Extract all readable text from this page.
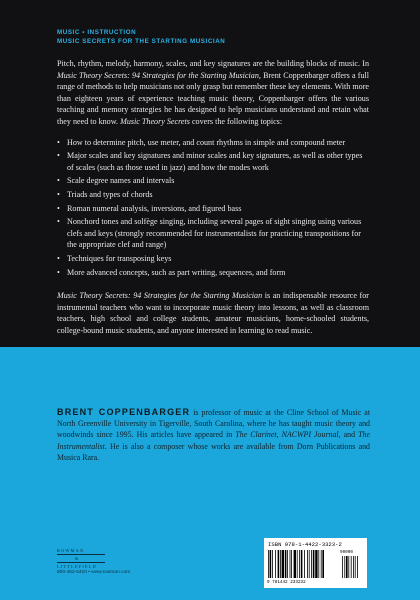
MUSIC • INSTRUCTION
MUSIC SECRETS FOR THE STARTING MUSICIAN

Pitch, rhythm, melody, harmony, scales, and key signatures are the building blocks of music. In Music Theory Secrets: 94 Strategies for the Starting Musician, Brent Coppenbarger offers a full range of methods to help musicians not only grasp but remember these key elements. With more than eighteen years of experience teaching music theory, Coppenbarger offers the various teaching and memory strategies he has designed to help musicians understand and retain what they need to know. Music Theory Secrets covers the following topics:

• How to determine pitch, use meter, and count rhythms in simple and compound meter
• Major scales and key signatures and minor scales and key signatures, as well as other types of scales (such as those used in jazz) and how the modes work
• Scale degree names and intervals
• Triads and types of chords
• Roman numeral analysis, inversions, and figured bass
• Nonchord tones and solfège singing, including several pages of sight singing using various clefs and keys (strongly recommended for instrumentalists for practicing transpositions for the appropriate clef and range)
• Techniques for transposing keys
• More advanced concepts, such as part writing, sequences, and form

Music Theory Secrets: 94 Strategies for the Starting Musician is an indispensable resource for instrumental teachers who want to incorporate music theory into lessons, as well as classroom teachers, high school and college students, amateur musicians, home-schooled students, college-bound music students, and anyone interested in learning to read music.

BRENT COPPENBARGER is professor of music at the Cline School of Music at North Greenville University in Tigerville, South Carolina, where he has taught music theory and woodwinds since 1995. His articles have appeared in The Clarinet, NACWPI Journal, and The Instrumentalist. He is also a composer whose works are available from Dorn Publications and Musica Rara.

ROWMAN
&
LITTLEFIELD
800-462-6420 • www.rowman.com
ISBN 978-1-4422-3323-2
9 781442 233232
90000
